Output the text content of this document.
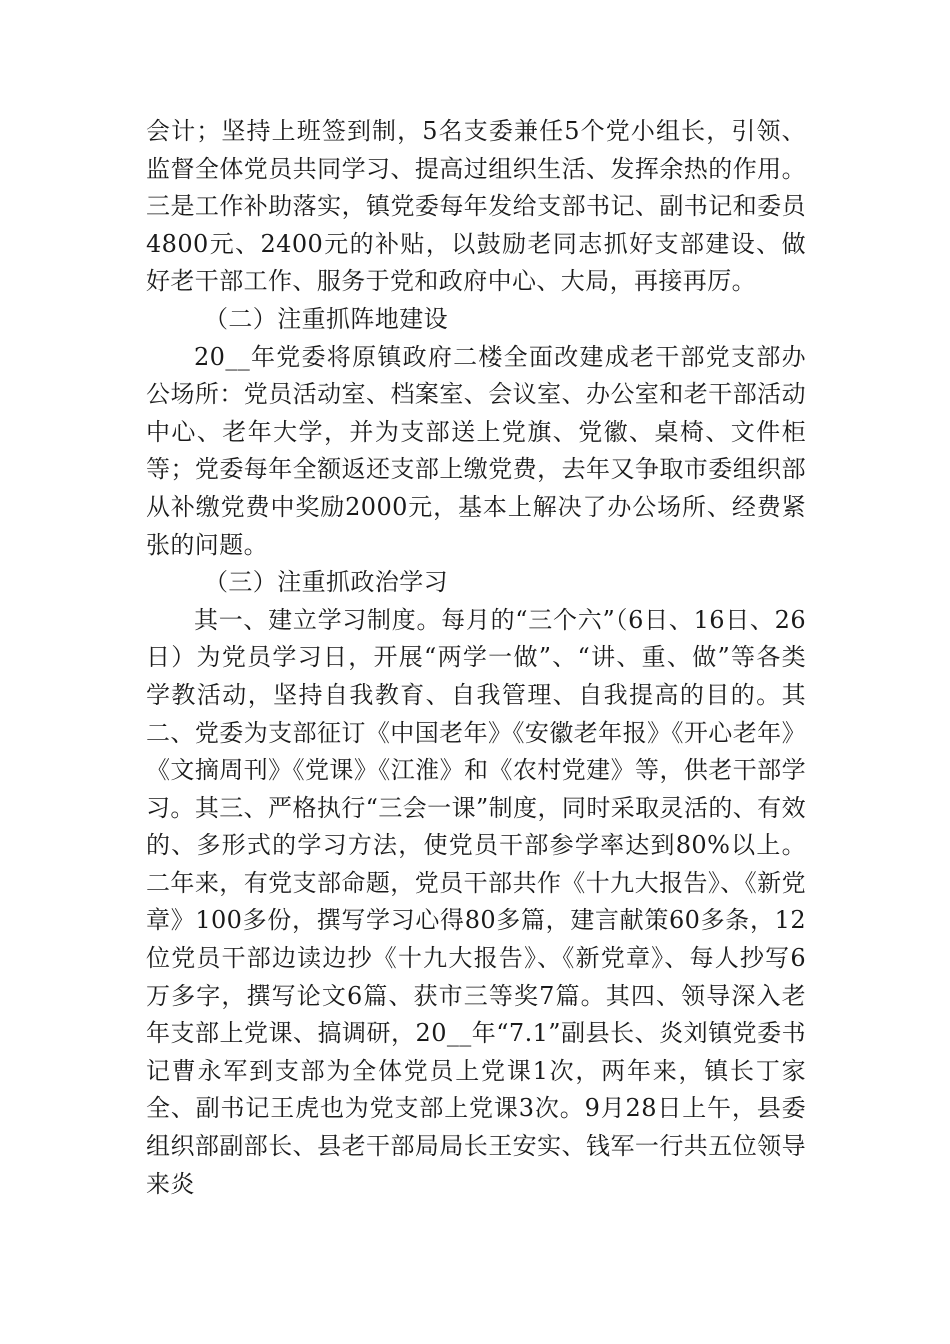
会计；坚持上班签到制，5名支委兼任5个党小组长，引领、监督全体党员共同学习、提高过组织生活、发挥余热的作用。三是工作补助落实，镇党委每年发给支部书记、副书记和委员4800元、2400元的补贴，以鼓励老同志抓好支部建设、做好老干部工作、服务于党和政府中心、大局，再接再厉。

（二）注重抓阵地建设

20__年党委将原镇政府二楼全面改建成老干部党支部办公场所：党员活动室、档案室、会议室、办公室和老干部活动中心、老年大学，并为支部送上党旗、党徽、桌椅、文件柜等；党委每年全额返还支部上缴党费，去年又争取市委组织部从补缴党费中奖励2000元，基本上解决了办公场所、经费紧张的问题。

（三）注重抓政治学习

其一、建立学习制度。每月的“三个六”（6日、16日、26日）为党员学习日，开展“两学一做”、“讲、重、做”等各类学教活动，坚持自我教育、自我管理、自我提高的目的。其二、党委为支部征订《中国老年》《安徽老年报》《开心老年》《文摘周刊》《党课》《江淮》和《农村党建》等，供老干部学习。其三、严格执行“三会一课”制度，同时采取灵活的、有效的、多形式的学习方法，使党员干部参学率达到80%以上。二年来，有党支部命题，党员干部共作《十九大报告》、《新党章》100多份，撰写学习心得80多篇，建言献策60多条，12位党员干部边读边抄《十九大报告》、《新党章》、每人抄写6万多字，撰写论文6篇、获市三等奖7篇。其四、领导深入老年支部上党课、搞调研，20__年“7.1”副县长、炎刘镇党委书记曹永军到支部为全体党员上党课1次，两年来，镇长丁家全、副书记王虎也为党支部上党课3次。9月28日上午，县委组织部副部长、县老干部局局长王安实、钱军一行共五位领导来炎
